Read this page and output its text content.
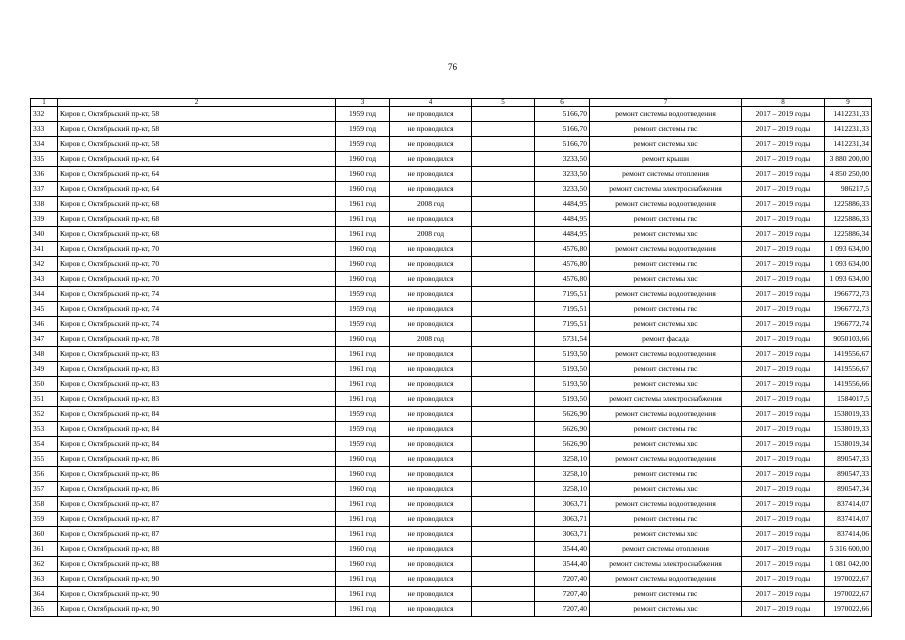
76
1	2	3	4	5	6	7	8	9
332	Киров г, Октябрьский пр-кт, 58	1959 год	не проводился		5166,70	ремонт системы водоотведения	2017 – 2019 годы	1412231,33
333	Киров г, Октябрьский пр-кт, 58	1959 год	не проводился		5166,70	ремонт системы гвс	2017 – 2019 годы	1412231,33
334	Киров г, Октябрьский пр-кт, 58	1959 год	не проводился		5166,70	ремонт системы хвс	2017 – 2019 годы	1412231,34
335	Киров г, Октябрьский пр-кт, 64	1960 год	не проводился		3233,50	ремонт крыши	2017 – 2019 годы	3 880 200,00
336	Киров г, Октябрьский пр-кт, 64	1960 год	не проводился		3233,50	ремонт системы отопления	2017 – 2019 годы	4 850 250,00
337	Киров г, Октябрьский пр-кт, 64	1960 год	не проводился		3233,50	ремонт системы электроснабжения	2017 – 2019 годы	986217,5
338	Киров г, Октябрьский пр-кт, 68	1961 год	2008 год		4484,95	ремонт системы водоотведения	2017 – 2019 годы	1225886,33
339	Киров г, Октябрьский пр-кт, 68	1961 год	не проводился		4484,95	ремонт системы гвс	2017 – 2019 годы	1225886,33
340	Киров г, Октябрьский пр-кт, 68	1961 год	2008 год		4484,95	ремонт системы хвс	2017 – 2019 годы	1225886,34
341	Киров г, Октябрьский пр-кт, 70	1960 год	не проводился		4576,80	ремонт системы водоотведения	2017 – 2019 годы	1 093 634,00
342	Киров г, Октябрьский пр-кт, 70	1960 год	не проводился		4576,80	ремонт системы гвс	2017 – 2019 годы	1 093 634,00
343	Киров г, Октябрьский пр-кт, 70	1960 год	не проводился		4576,80	ремонт системы хвс	2017 – 2019 годы	1 093 634,00
344	Киров г, Октябрьский пр-кт, 74	1959 год	не проводился		7195,51	ремонт системы водоотведения	2017 – 2019 годы	1966772,73
345	Киров г, Октябрьский пр-кт, 74	1959 год	не проводился		7195,51	ремонт системы гвс	2017 – 2019 годы	1966772,73
346	Киров г, Октябрьский пр-кт, 74	1959 год	не проводился		7195,51	ремонт системы хвс	2017 – 2019 годы	1966772,74
347	Киров г, Октябрьский пр-кт, 78	1960 год	2008 год		5731,54	ремонт фасада	2017 – 2019 годы	9050103,66
348	Киров г, Октябрьский пр-кт, 83	1961 год	не проводился		5193,50	ремонт системы водоотведения	2017 – 2019 годы	1419556,67
349	Киров г, Октябрьский пр-кт, 83	1961 год	не проводился		5193,50	ремонт системы гвс	2017 – 2019 годы	1419556,67
350	Киров г, Октябрьский пр-кт, 83	1961 год	не проводился		5193,50	ремонт системы хвс	2017 – 2019 годы	1419556,66
351	Киров г, Октябрьский пр-кт, 83	1961 год	не проводился		5193,50	ремонт системы электроснабжения	2017 – 2019 годы	1584017,5
352	Киров г, Октябрьский пр-кт, 84	1959 год	не проводился		5626,90	ремонт системы водоотведения	2017 – 2019 годы	1538019,33
353	Киров г, Октябрьский пр-кт, 84	1959 год	не проводился		5626,90	ремонт системы гвс	2017 – 2019 годы	1538019,33
354	Киров г, Октябрьский пр-кт, 84	1959 год	не проводился		5626,90	ремонт системы хвс	2017 – 2019 годы	1538019,34
355	Киров г, Октябрьский пр-кт, 86	1960 год	не проводился		3258,10	ремонт системы водоотведения	2017 – 2019 годы	890547,33
356	Киров г, Октябрьский пр-кт, 86	1960 год	не проводился		3258,10	ремонт системы гвс	2017 – 2019 годы	890547,33
357	Киров г, Октябрьский пр-кт, 86	1960 год	не проводился		3258,10	ремонт системы хвс	2017 – 2019 годы	890547,34
358	Киров г, Октябрьский пр-кт, 87	1961 год	не проводился		3063,71	ремонт системы водоотведения	2017 – 2019 годы	837414,07
359	Киров г, Октябрьский пр-кт, 87	1961 год	не проводился		3063,71	ремонт системы гвс	2017 – 2019 годы	837414,07
360	Киров г, Октябрьский пр-кт, 87	1961 год	не проводился		3063,71	ремонт системы хвс	2017 – 2019 годы	837414,06
361	Киров г, Октябрьский пр-кт, 88	1960 год	не проводился		3544,40	ремонт системы отопления	2017 – 2019 годы	5 316 600,00
362	Киров г, Октябрьский пр-кт, 88	1960 год	не проводился		3544,40	ремонт системы электроснабжения	2017 – 2019 годы	1 081 042,00
363	Киров г, Октябрьский пр-кт, 90	1961 год	не проводился		7207,40	ремонт системы водоотведения	2017 – 2019 годы	1970022,67
364	Киров г, Октябрьский пр-кт, 90	1961 год	не проводился		7207,40	ремонт системы гвс	2017 – 2019 годы	1970022,67
365	Киров г, Октябрьский пр-кт, 90	1961 год	не проводился		7207,40	ремонт системы хвс	2017 – 2019 годы	1970022,66
